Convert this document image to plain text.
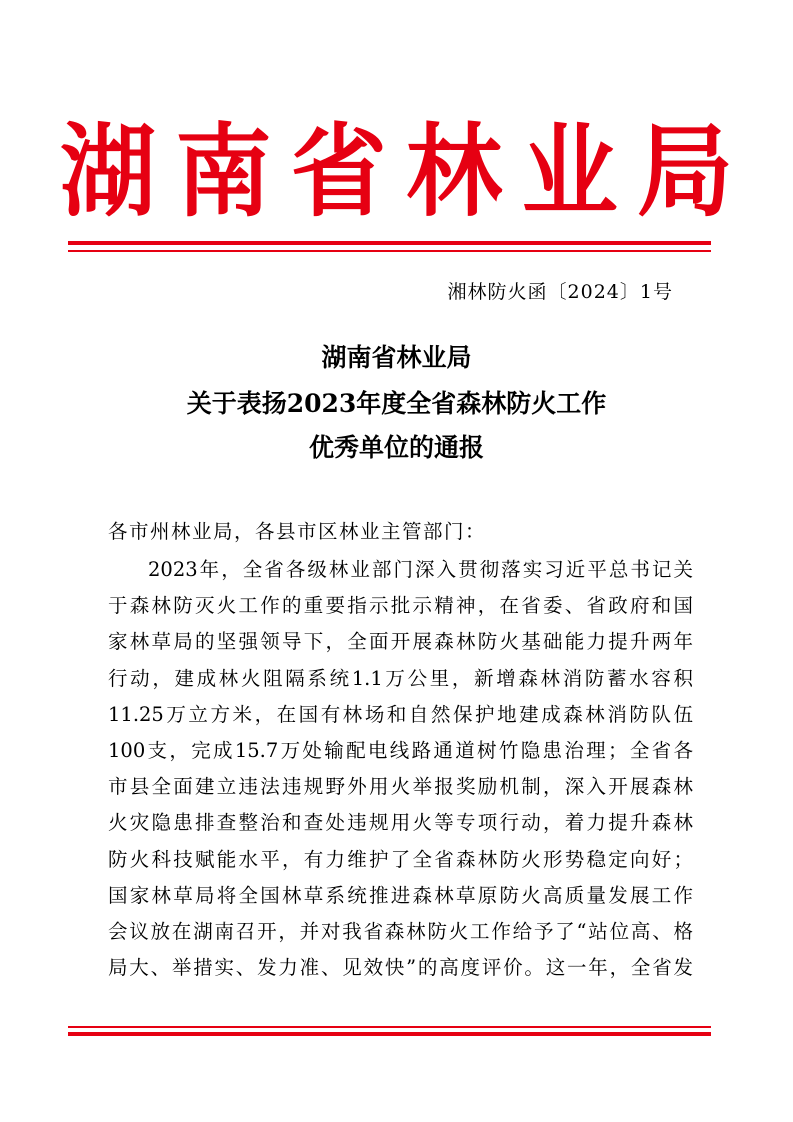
湖 南 省 林 业 局
湘林防火函〔2024〕1号
湖南省林业局
关于表扬2023年度全省森林防火工作
优秀单位的通报
各市州林业局，各县市区林业主管部门：
2023年，全省各级林业部门深入贯彻落实习近平总书记关
于森林防灭火工作的重要指示批示精神，在省委、省政府和国
家林草局的坚强领导下，全面开展森林防火基础能力提升两年
行动，建成林火阻隔系统1.1万公里，新增森林消防蓄水容积
11.25万立方米，在国有林场和自然保护地建成森林消防队伍
100支，完成15.7万处输配电线路通道树竹隐患治理；全省各
市县全面建立违法违规野外用火举报奖励机制，深入开展森林
火灾隐患排查整治和查处违规用火等专项行动，着力提升森林
防火科技赋能水平，有力维护了全省森林防火形势稳定向好；
国家林草局将全国林草系统推进森林草原防火高质量发展工作
会议放在湖南召开，并对我省森林防火工作给予了“站位高、格
局大、举措实、发力准、见效快”的高度评价。这一年，全省发
